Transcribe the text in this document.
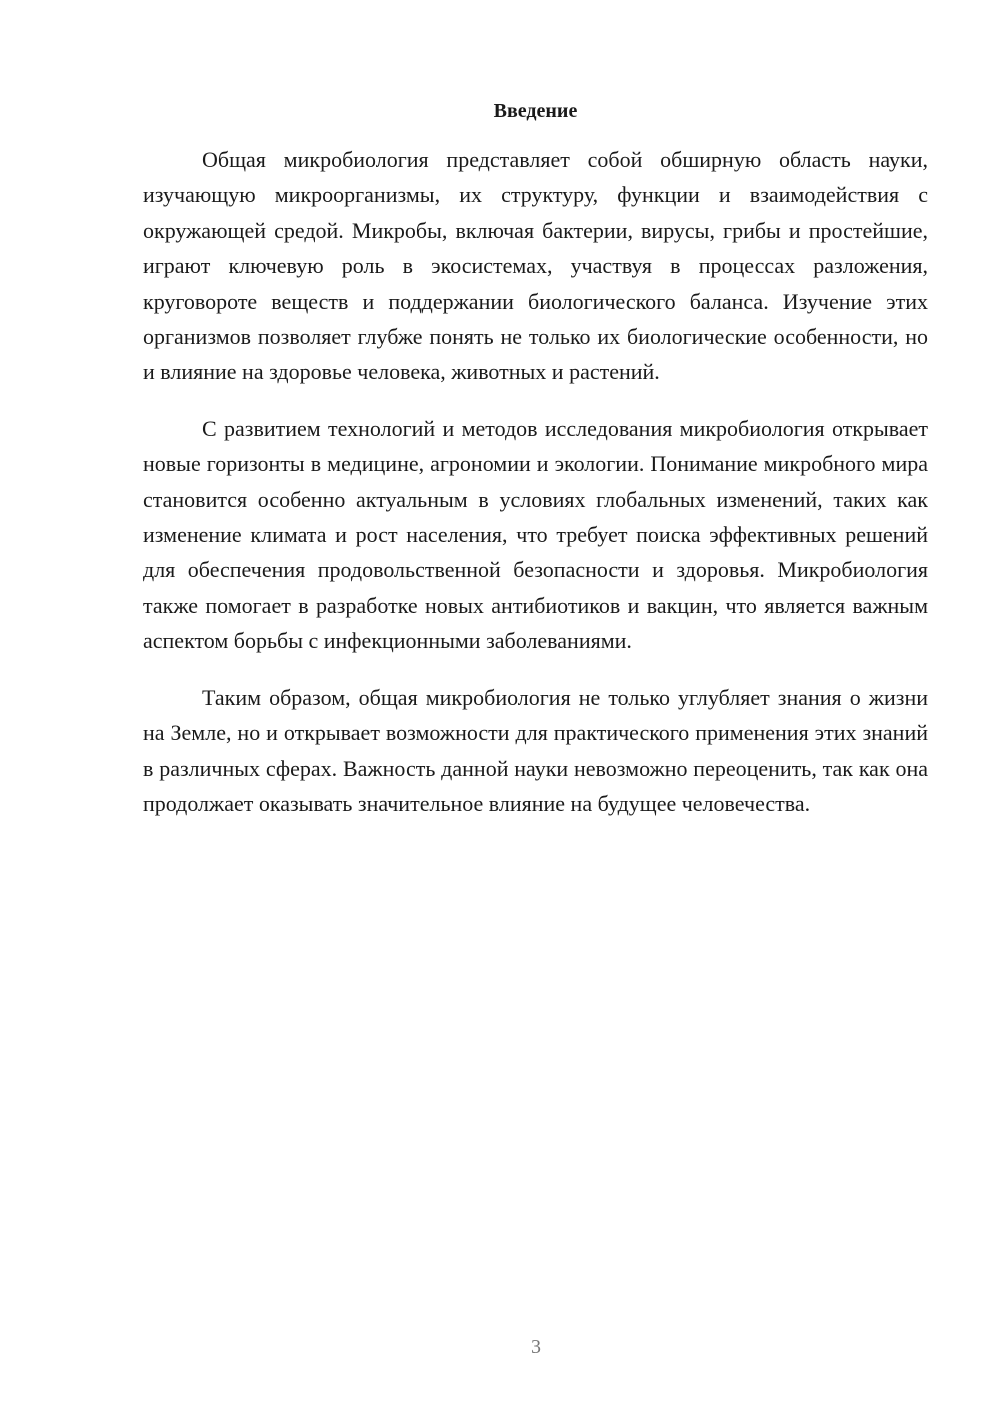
Введение

Общая микробиология представляет собой обширную область науки, изучающую микроорганизмы, их структуру, функции и взаимодействия с окружающей средой. Микробы, включая бактерии, вирусы, грибы и простейшие, играют ключевую роль в экосистемах, участвуя в процессах разложения, круговороте веществ и поддержании биологического баланса. Изучение этих организмов позволяет глубже понять не только их биологические особенности, но и влияние на здоровье человека, животных и растений.

С развитием технологий и методов исследования микробиология открывает новые горизонты в медицине, агрономии и экологии. Понимание микробного мира становится особенно актуальным в условиях глобальных изменений, таких как изменение климата и рост населения, что требует поиска эффективных решений для обеспечения продовольственной безопасности и здоровья. Микробиология также помогает в разработке новых антибиотиков и вакцин, что является важным аспектом борьбы с инфекционными заболеваниями.

Таким образом, общая микробиология не только углубляет знания о жизни на Земле, но и открывает возможности для практического применения этих знаний в различных сферах. Важность данной науки невозможно переоценить, так как она продолжает оказывать значительное влияние на будущее человечества.

3
